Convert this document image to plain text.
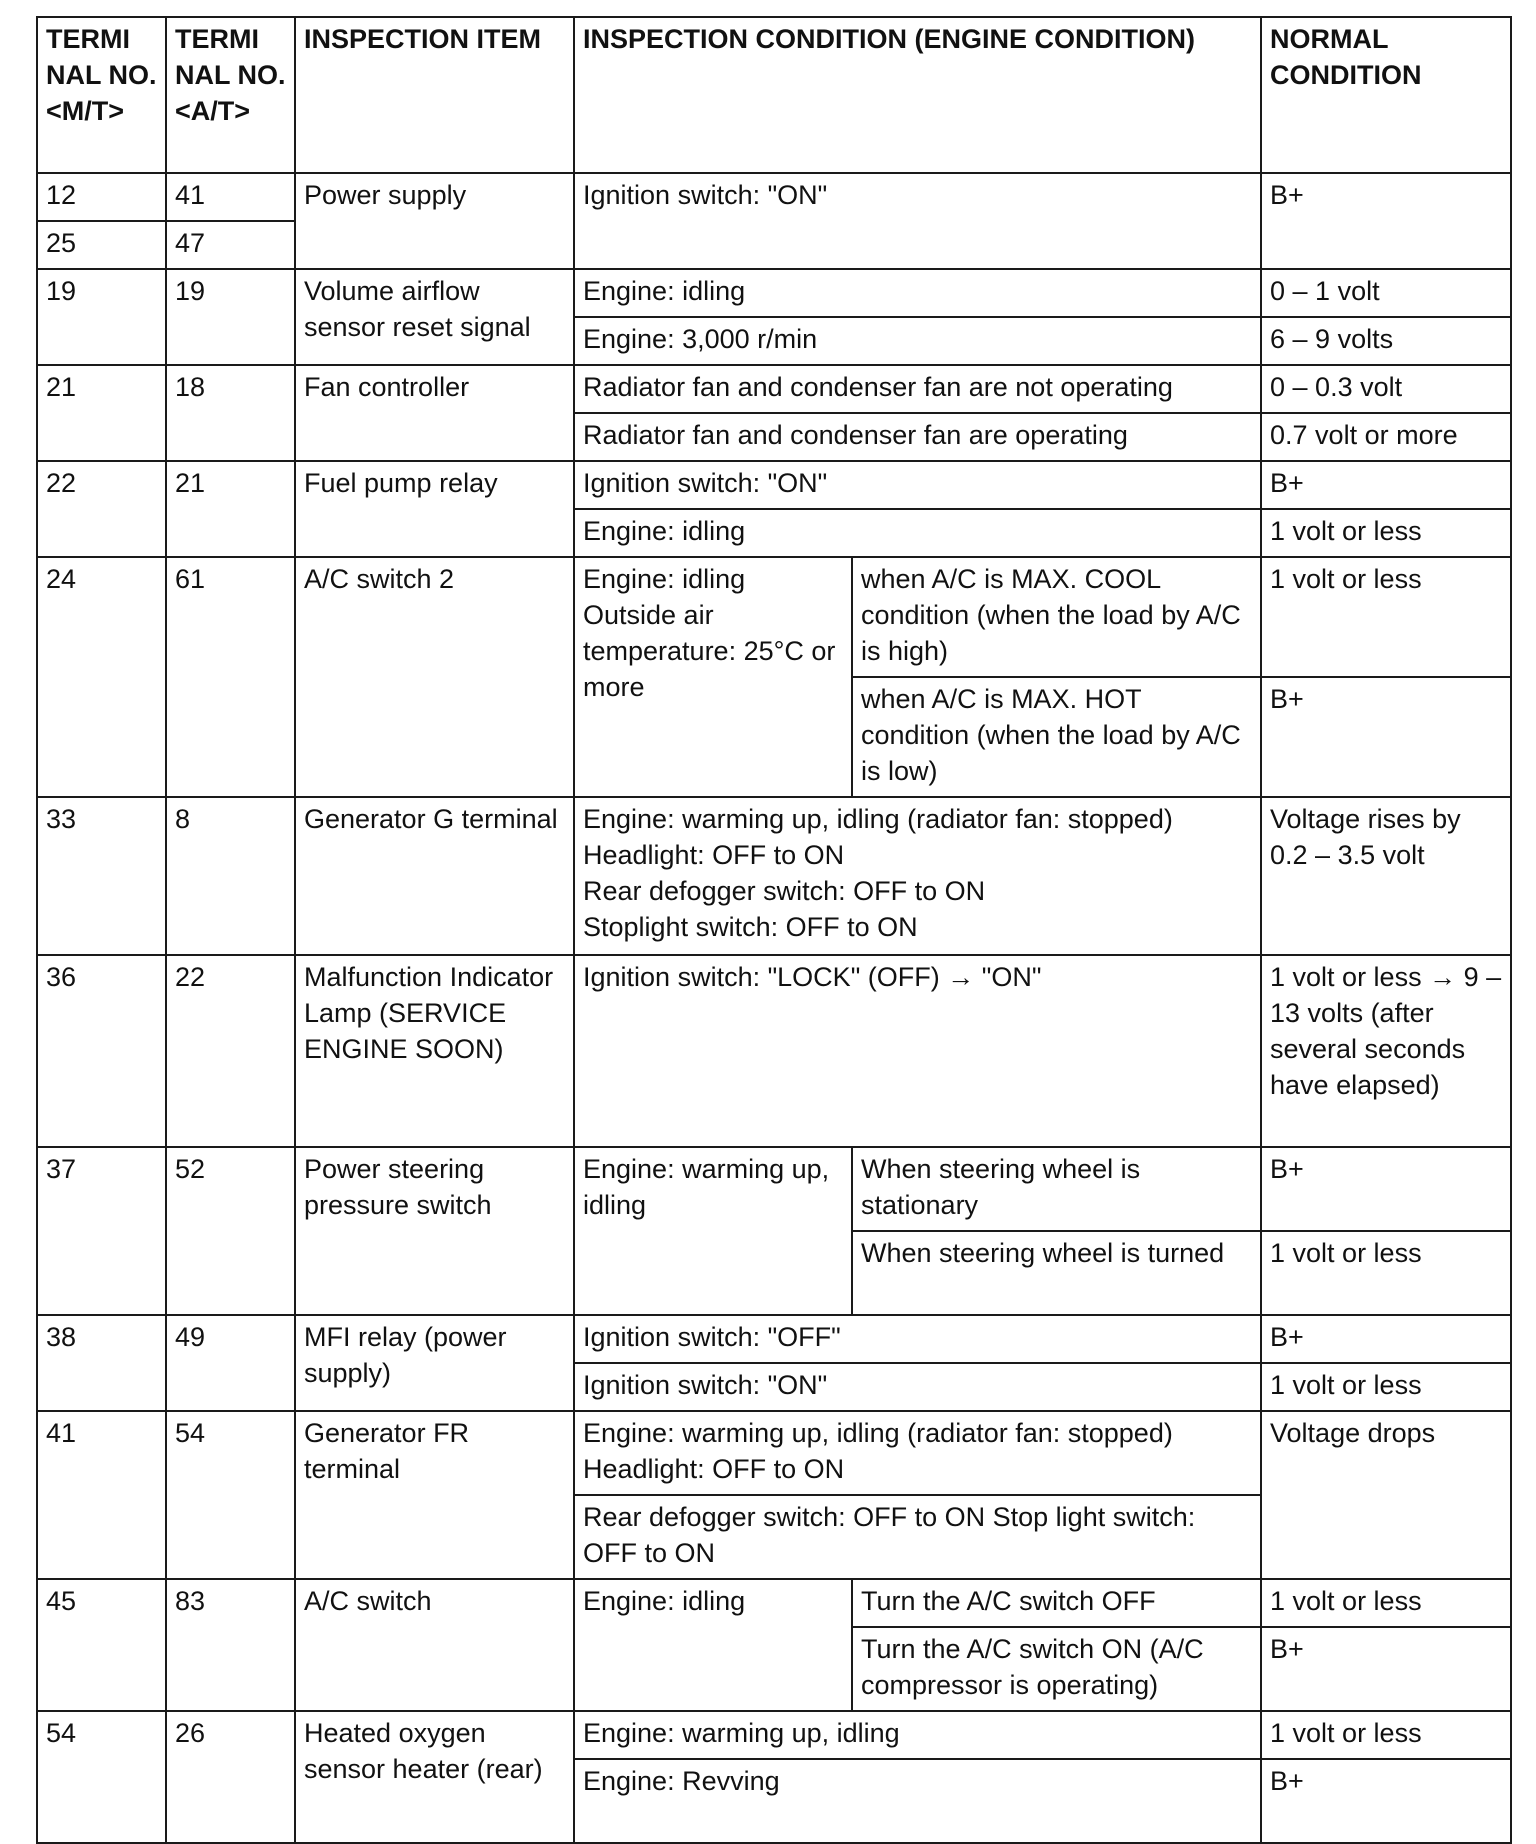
TERMI NAL NO. <M/T>	TERMI NAL NO. <A/T>	INSPECTION ITEM	INSPECTION CONDITION (ENGINE CONDITION)		NORMAL CONDITION
12	41	Power supply	Ignition switch: "ON"		B+
25	47				
19	19	Volume airflow sensor reset signal	Engine: idling		0 – 1 volt
			Engine: 3,000 r/min		6 – 9 volts
21	18	Fan controller	Radiator fan and condenser fan are not operating		0 – 0.3 volt
			Radiator fan and condenser fan are operating		0.7 volt or more
22	21	Fuel pump relay	Ignition switch: "ON"		B+
			Engine: idling		1 volt or less
24	61	A/C switch 2	Engine: idling Outside air temperature: 25°C or more	when A/C is MAX. COOL condition (when the load by A/C is high)	1 volt or less
				when A/C is MAX. HOT condition (when the load by A/C is low)	B+
33	8	Generator G terminal	Engine: warming up, idling (radiator fan: stopped)
Headlight: OFF to ON
Rear defogger switch: OFF to ON
Stoplight switch: OFF to ON		Voltage rises by 0.2 – 3.5 volt
36	22	Malfunction Indicator Lamp (SERVICE ENGINE SOON)	Ignition switch: "LOCK" (OFF) → "ON"		1 volt or less → 9 – 13 volts (after several seconds have elapsed)
37	52	Power steering pressure switch	Engine: warming up, idling	When steering wheel is stationary	B+
				When steering wheel is turned	1 volt or less
38	49	MFI relay (power supply)	Ignition switch: "OFF"		B+
			Ignition switch: "ON"		1 volt or less
41	54	Generator FR terminal	Engine: warming up, idling (radiator fan: stopped)
Headlight: OFF to ON		Voltage drops
			Rear defogger switch: OFF to ON Stop light switch: OFF to ON		
45	83	A/C switch	Engine: idling	Turn the A/C switch OFF	1 volt or less
				Turn the A/C switch ON (A/C compressor is operating)	B+
54	26	Heated oxygen sensor heater (rear)	Engine: warming up, idling		1 volt or less
			Engine: Revving		B+
